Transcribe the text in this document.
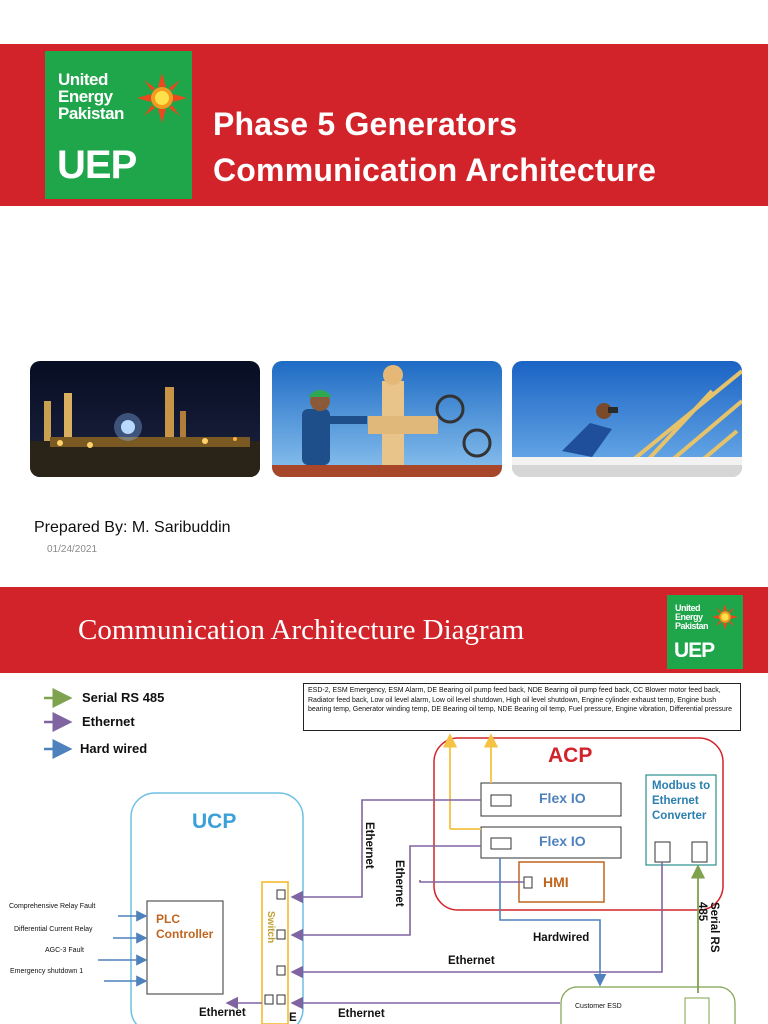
United
Energy
Pakistan
UEP
Phase 5 Generators
Communication Architecture
Prepared By: M. Saribuddin
01/24/2021
Communication Architecture Diagram
United
Energy
Pakistan
UEP
Serial RS 485
Ethernet
Hard wired
ESD-2, ESM Emergency, ESM Alarm, DE Bearing oil pump feed back, NDE Bearing oil pump feed back, CC Blower motor feed back, Radiator feed back, Low oil level alarm, Low oil level shutdown, High oil level shutdown, Engine cylinder exhaust temp, Engine bush bearing temp, Generator winding temp, DE Bearing oil temp, NDE Bearing oil temp, Fuel pressure, Engine vibration, Differential pressure
ACP
UCP
Flex IO
Flex IO
HMI
Modbus to Ethernet Converter
PLC Controller	Switch
Ethernet
Ethernet
Serial RS 485
Hardwired
Ethernet
Ethernet	Ethernet
E
Customer ESD
Comprehensive Relay Fault
Differential Current Relay
AGC-3 Fault
Emergency shutdown 1
